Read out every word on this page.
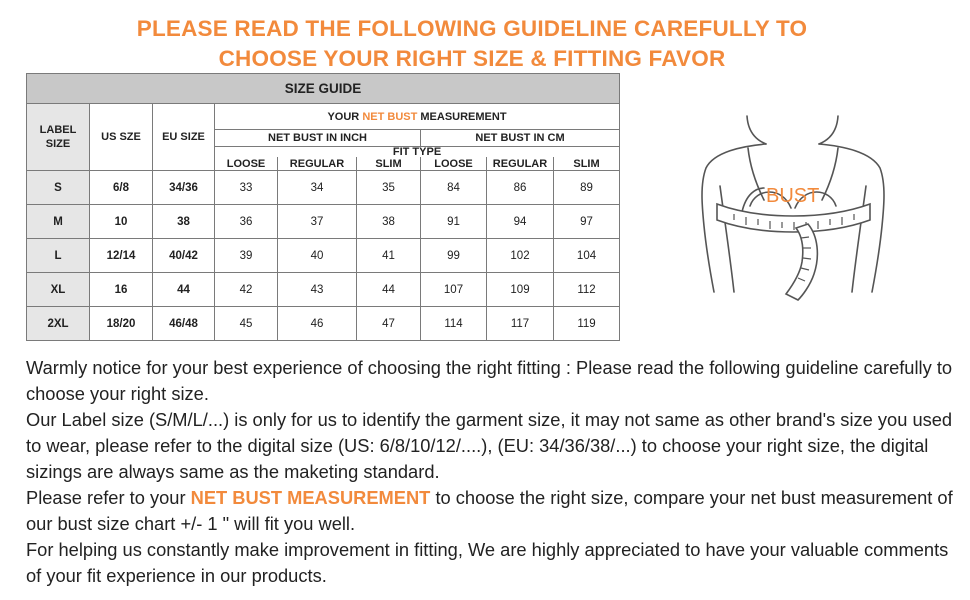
PLEASE READ THE FOLLOWING GUIDELINE CAREFULLY TO
CHOOSE YOUR RIGHT SIZE & FITTING FAVOR
SIZE GUIDE								
LABEL SIZE	US SZE	EU SIZE	YOUR NET BUST MEASUREMENT					
			NET BUST IN INCH			NET BUST IN CM		
			FIT TYPE					
			LOOSE	REGULAR	SLIM	LOOSE	REGULAR	SLIM
S	6/8	34/36	33	34	35	84	86	89
M	10	38	36	37	38	91	94	97
L	12/14	40/42	39	40	41	99	102	104
XL	16	44	42	43	44	107	109	112
2XL	18/20	46/48	45	46	47	114	117	119
BUST

Warmly notice for your best experience of choosing the right fitting : Please read the following guideline carefully to choose your right size.

Our Label size (S/M/L/...) is only for us to identify the garment size, it may not same as other brand's size you used to wear, please refer to the digital size (US: 6/8/10/12/....), (EU: 34/36/38/...) to choose your right size, the digital sizings are always same as the maketing standard.

Please refer to your NET BUST MEASUREMENT to choose the right size, compare your net bust measurement of our bust size chart +/- 1 " will fit you well.

For helping us constantly make improvement in fitting, We are highly appreciated to have your valuable comments of your fit experience in our products.
